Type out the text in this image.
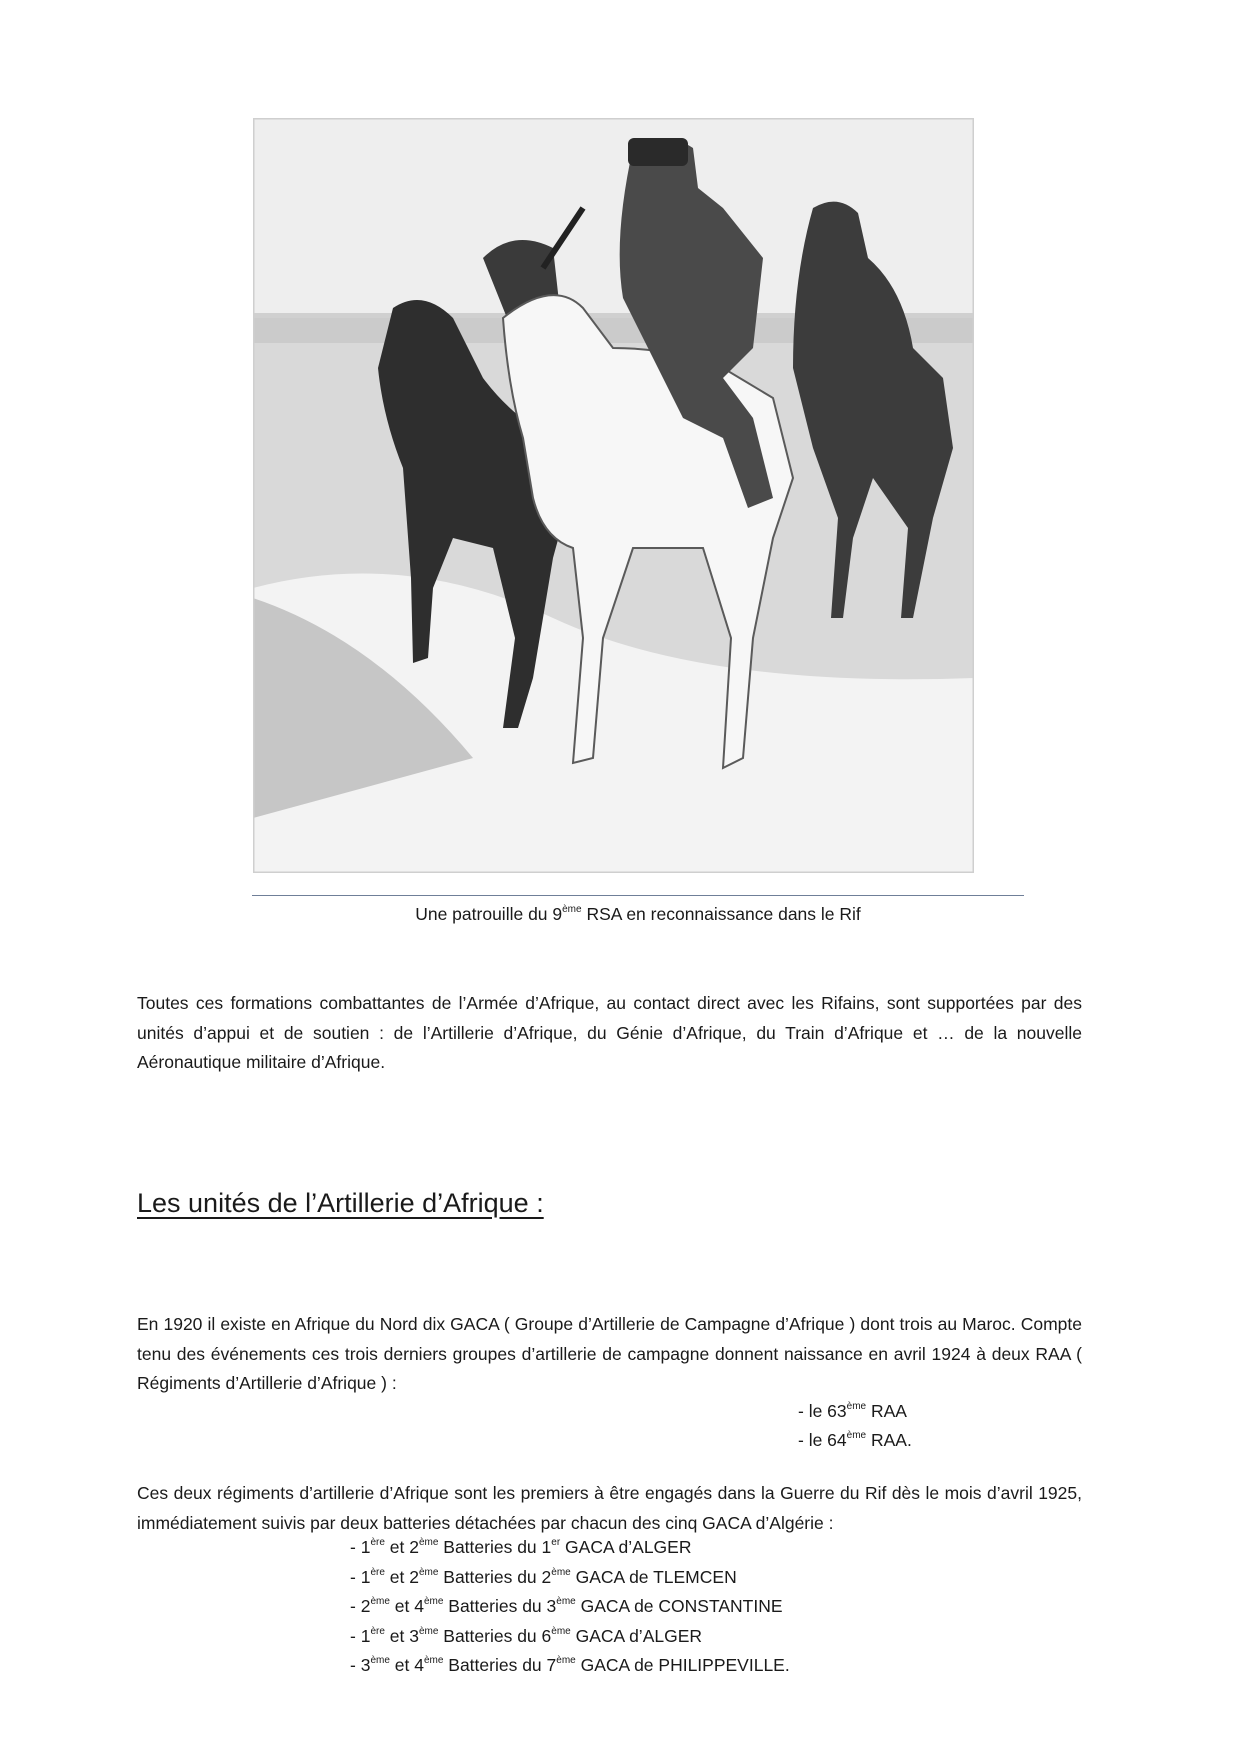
Une patrouille du 9ème RSA en reconnaissance dans le Rif

Toutes ces formations combattantes de l’Armée d’Afrique, au contact direct avec les Rifains, sont supportées par des unités d’appui et de soutien : de l’Artillerie d’Afrique, du Génie d’Afrique, du Train d’Afrique et … de la nouvelle Aéronautique militaire d’Afrique.

Les unités de l’Artillerie d’Afrique :

En 1920 il existe en Afrique du Nord dix GACA ( Groupe d’Artillerie de Campagne d’Afrique ) dont trois au Maroc. Compte tenu des événements ces trois derniers groupes d’artillerie de campagne donnent naissance en avril 1924 à deux RAA ( Régiments d’Artillerie d’Afrique ) :

- le 63ème RAA
- le 64ème RAA.

Ces deux régiments d’artillerie d’Afrique sont les premiers à être engagés dans la Guerre du Rif dès le mois d’avril 1925, immédiatement suivis par deux batteries détachées par chacun des cinq GACA d’Algérie :

- 1ère et 2ème Batteries du 1er GACA d’ALGER
- 1ère et 2ème Batteries du 2ème GACA de TLEMCEN
- 2ème et 4ème Batteries du 3ème GACA de CONSTANTINE
- 1ère et 3ème Batteries du 6ème GACA d’ALGER
- 3ème et 4ème Batteries du 7ème GACA de PHILIPPEVILLE.
